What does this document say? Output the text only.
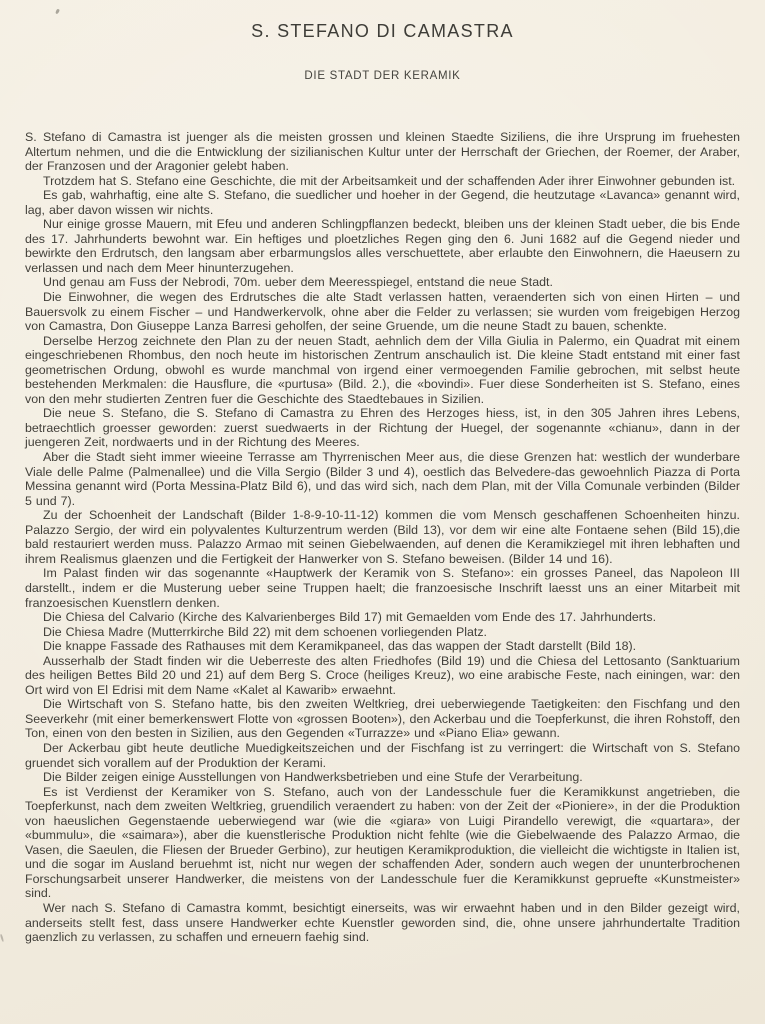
S. STEFANO DI CAMASTRA
DIE STADT DER KERAMIK

S. Stefano di Camastra ist juenger als die meisten grossen und kleinen Staedte Siziliens, die ihre Ursprung im fruehesten Altertum nehmen, und die die Entwicklung der sizilianischen Kultur unter der Herrschaft der Griechen, der Roemer, der Araber, der Franzosen und der Aragonier gelebt haben.

Trotzdem hat S. Stefano eine Geschichte, die mit der Arbeitsamkeit und der schaffenden Ader ihrer Einwohner gebunden ist.

Es gab, wahrhaftig, eine alte S. Stefano, die suedlicher und hoeher in der Gegend, die heutzutage «Lavanca» genannt wird, lag, aber davon wissen wir nichts.

Nur einige grosse Mauern, mit Efeu und anderen Schlingpflanzen bedeckt, bleiben uns der kleinen Stadt ueber, die bis Ende des 17. Jahrhunderts bewohnt war. Ein heftiges und ploetzliches Regen ging den 6. Juni 1682 auf die Gegend nieder und bewirkte den Erdrutsch, den langsam aber erbarmungslos alles verschuettete, aber erlaubte den Einwohnern, die Haeusern zu verlassen und nach dem Meer hinunterzugehen.

Und genau am Fuss der Nebrodi, 70m. ueber dem Meeresspiegel, entstand die neue Stadt.

Die Einwohner, die wegen des Erdrutsches die alte Stadt verlassen hatten, veraenderten sich von einen Hirten – und Bauersvolk zu einem Fischer – und Handwerkervolk, ohne aber die Felder zu verlassen; sie wurden vom freigebigen Herzog von Camastra, Don Giuseppe Lanza Barresi geholfen, der seine Gruende, um die neune Stadt zu bauen, schenkte.

Derselbe Herzog zeichnete den Plan zu der neuen Stadt, aehnlich dem der Villa Giulia in Palermo, ein Quadrat mit einem eingeschriebenen Rhombus, den noch heute im historischen Zentrum anschaulich ist. Die kleine Stadt entstand mit einer fast geometrischen Ordung, obwohl es wurde manchmal von irgend einer vermoegenden Familie gebrochen, mit selbst heute bestehenden Merkmalen: die Hausflure, die «purtusa» (Bild. 2.), die «bovindi». Fuer diese Sonderheiten ist S. Stefano, eines von den mehr studierten Zentren fuer die Geschichte des Staedtebaues in Sizilien.

Die neue S. Stefano, die S. Stefano di Camastra zu Ehren des Herzoges hiess, ist, in den 305 Jahren ihres Lebens, betraechtlich groesser geworden: zuerst suedwaerts in der Richtung der Huegel, der sogenannte «chianu», dann in der juengeren Zeit, nordwaerts und in der Richtung des Meeres.

Aber die Stadt sieht immer wieeine Terrasse am Thyrrenischen Meer aus, die diese Grenzen hat: westlich der wunderbare Viale delle Palme (Palmenallee) und die Villa Sergio (Bilder 3 und 4), oestlich das Belvedere-das gewoehnlich Piazza di Porta Messina genannt wird (Porta Messina-Platz Bild 6), und das wird sich, nach dem Plan, mit der Villa Comunale verbinden (Bilder 5 und 7).

Zu der Schoenheit der Landschaft (Bilder 1-8-9-10-11-12) kommen die vom Mensch geschaffenen Schoenheiten hinzu. Palazzo Sergio, der wird ein polyvalentes Kulturzentrum werden (Bild 13), vor dem wir eine alte Fontaene sehen (Bild 15),die bald restauriert werden muss. Palazzo Armao mit seinen Giebelwaenden, auf denen die Keramikziegel mit ihren lebhaften und ihrem Realismus glaenzen und die Fertigkeit der Hanwerker von S. Stefano beweisen. (Bilder 14 und 16).

Im Palast finden wir das sogenannte «Hauptwerk der Keramik von S. Stefano»: ein grosses Paneel, das Napoleon III darstellt., indem er die Musterung ueber seine Truppen haelt; die franzoesische Inschrift laesst uns an einer Mitarbeit mit franzoesischen Kuenstlern denken.

Die Chiesa del Calvario (Kirche des Kalvarienberges Bild 17) mit Gemaelden vom Ende des 17. Jahrhunderts.

Die Chiesa Madre (Mutterrkirche Bild 22) mit dem schoenen vorliegenden Platz.

Die knappe Fassade des Rathauses mit dem Keramikpaneel, das das wappen der Stadt darstellt (Bild 18).

Ausserhalb der Stadt finden wir die Ueberreste des alten Friedhofes (Bild 19) und die Chiesa del Lettosanto (Sanktuarium des heiligen Bettes Bild 20 und 21) auf dem Berg S. Croce (heiliges Kreuz), wo eine arabische Feste, nach einingen, war: den Ort wird von El Edrisi mit dem Name «Kalet al Kawarib» erwaehnt.

Die Wirtschaft von S. Stefano hatte, bis den zweiten Weltkrieg, drei ueberwiegende Taetigkeiten: den Fischfang und den Seeverkehr (mit einer bemerkenswert Flotte von «grossen Booten»), den Ackerbau und die Toepferkunst, die ihren Rohstoff, den Ton, einen von den besten in Sizilien, aus den Gegenden «Turrazze» und «Piano Elia» gewann.

Der Ackerbau gibt heute deutliche Muedigkeitszeichen und der Fischfang ist zu verringert: die Wirtschaft von S. Stefano gruendet sich vorallem auf der Produktion der Kerami.

Die Bilder zeigen einige Ausstellungen von Handwerksbetrieben und eine Stufe der Verarbeitung.

Es ist Verdienst der Keramiker von S. Stefano, auch von der Landesschule fuer die Keramikkunst angetrieben, die Toepferkunst, nach dem zweiten Weltkrieg, gruendilich veraendert zu haben: von der Zeit der «Pioniere», in der die Produktion von haeuslichen Gegenstaende ueberwiegend war (wie die «giara» von Luigi Pirandello verewigt, die «quartara», der «bummulu», die «saimara»), aber die kuenstlerische Produktion nicht fehlte (wie die Giebelwaende des Palazzo Armao, die Vasen, die Saeulen, die Fliesen der Brueder Gerbino), zur heutigen Keramikproduktion, die vielleicht die wichtigste in Italien ist, und die sogar im Ausland beruehmt ist, nicht nur wegen der schaffenden Ader, sondern auch wegen der ununterbrochenen Forschungsarbeit unserer Handwerker, die meistens von der Landesschule fuer die Keramikkunst gepruefte «Kunstmeister» sind.

Wer nach S. Stefano di Camastra kommt, besichtigt einerseits, was wir erwaehnt haben und in den Bilder gezeigt wird, anderseits stellt fest, dass unsere Handwerker echte Kuenstler geworden sind, die, ohne unsere jahrhundertalte Tradition gaenzlich zu verlassen, zu schaffen und erneuern faehig sind.
